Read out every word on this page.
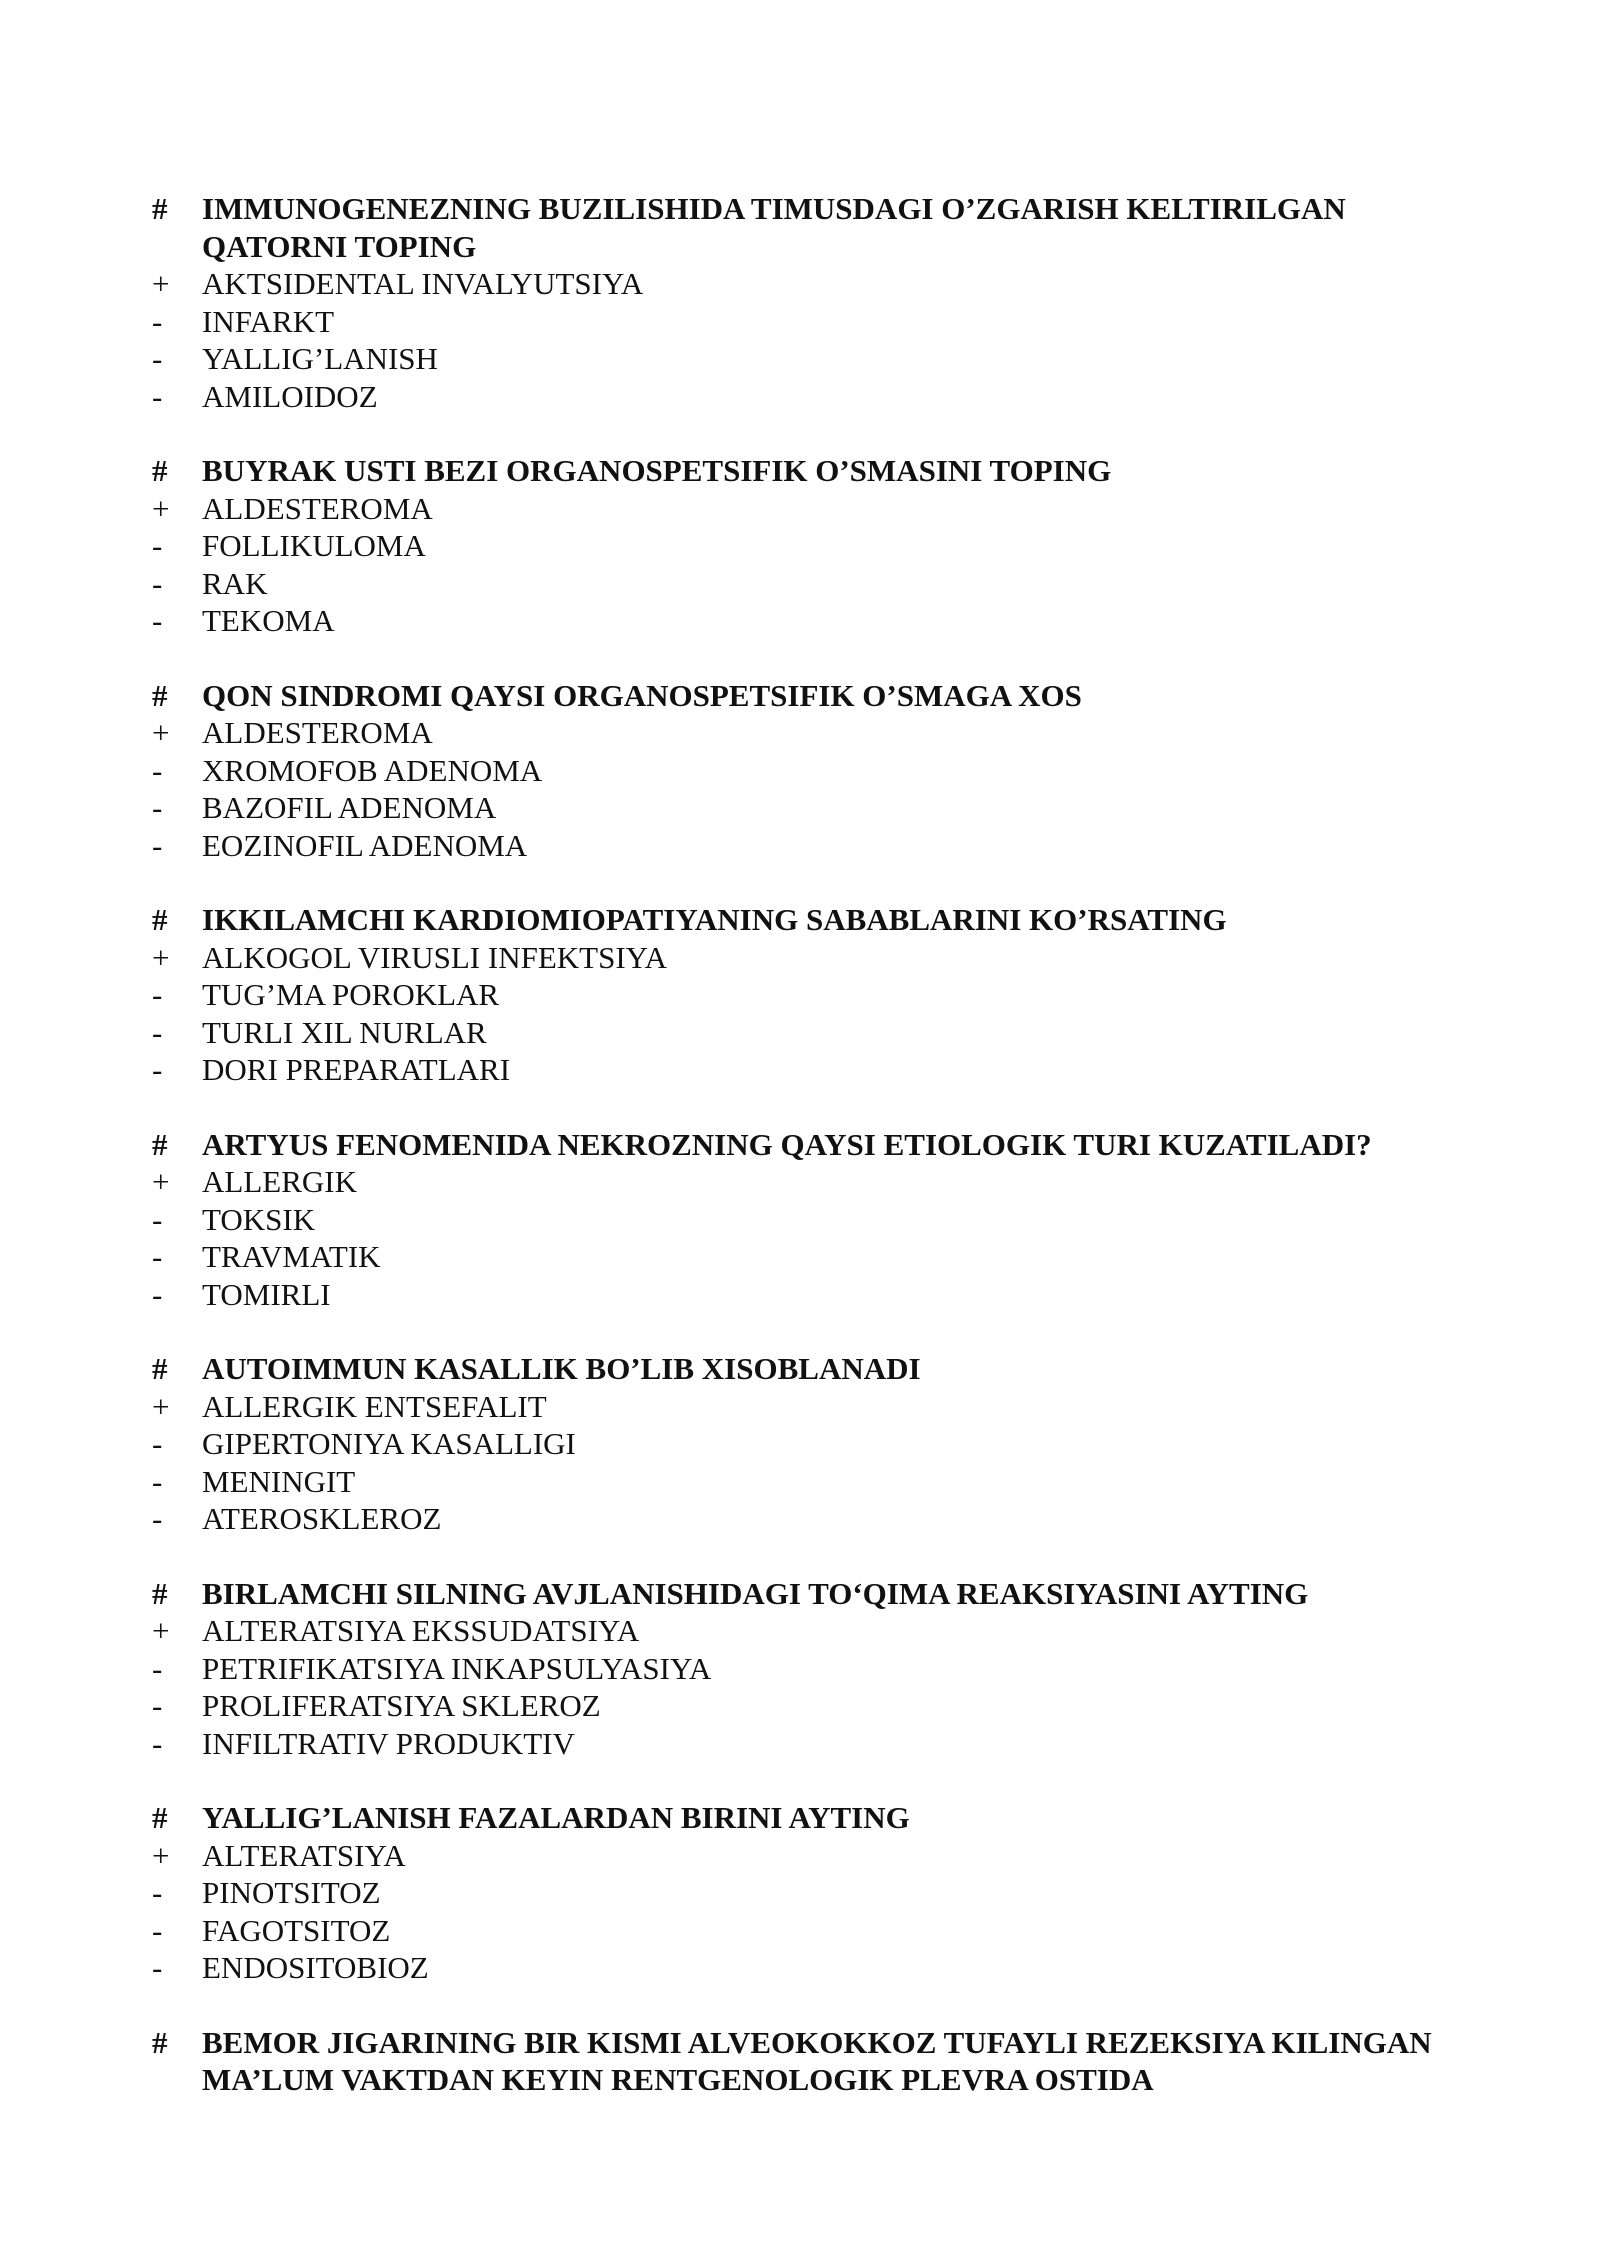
#	IMMUNOGENEZNING BUZILISHIDA TIMUSDAGI O’ZGARISH KELTIRILGAN QATORNI TOPING
+	AKTSIDENTAL INVALYUTSIYA
-	INFARKT
-	YALLIG’LANISH
-	AMILOIDOZ
#	BUYRAK USTI BEZI ORGANOSPETSIFIK O’SMASINI TOPING
+	ALDESTEROMA
-	FOLLIKULOMA
-	RAK
-	TEKOMA
#	QON SINDROMI QAYSI ORGANOSPETSIFIK O’SMAGA XOS
+	ALDESTEROMA
-	XROMOFOB ADENOMA
-	BAZOFIL ADENOMA
-	EOZINOFIL ADENOMA
#	IKKILAMCHI KARDIOMIOPATIYANING SABABLARINI KO’RSATING
+	ALKOGOL VIRUSLI INFEKTSIYA
-	TUG’MA POROKLAR
-	TURLI XIL NURLAR
-	DORI PREPARATLARI
#	ARTYUS FENOMENIDA NEKROZNING QAYSI ETIOLOGIK TURI KUZATILADI?
+	ALLERGIK
-	TOKSIK
-	TRAVMATIK
-	TOMIRLI
#	AUTOIMMUN KASALLIK BO’LIB XISOBLANADI
+	ALLERGIK ENTSEFALIT
-	GIPERTONIYA KASALLIGI
-	MENINGIT
-	ATEROSKLEROZ
#	BIRLAMCHI SILNING AVJLANISHIDAGI TO‘QIMA REAKSIYASINI AYTING
+	ALTERATSIYA EKSSUDATSIYA
-	PETRIFIKATSIYA INKAPSULYASIYA
-	PROLIFERATSIYA SKLEROZ
-	INFILTRATIV PRODUKTIV
#	YALLIG’LANISH FAZALARDAN BIRINI AYTING
+	ALTERATSIYA
-	PINOTSITOZ
-	FAGOTSITOZ
-	ENDOSITOBIOZ
#	BEMOR JIGARINING BIR KISMI ALVEOKOKKOZ TUFAYLI REZEKSIYA KILINGAN MA’LUM VAKTDAN KEYIN RENTGENOLOGIK PLEVRA OSTIDA
